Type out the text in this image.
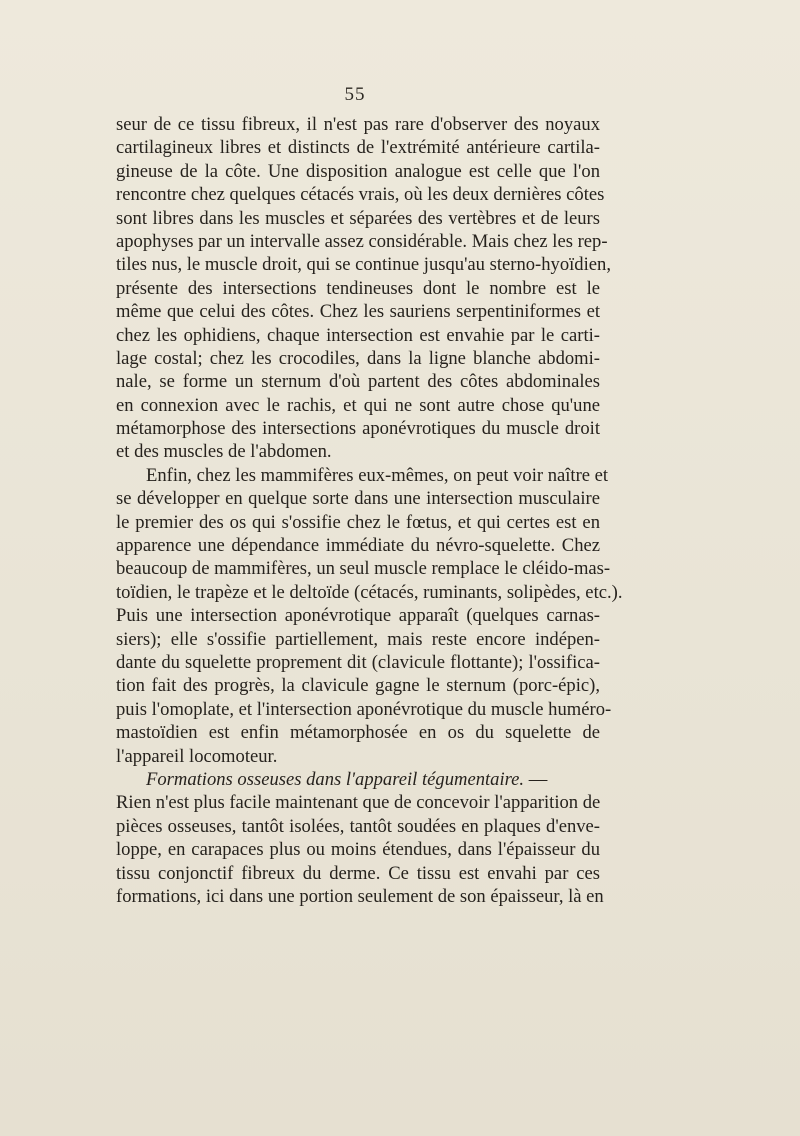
55
seur de ce tissu fibreux, il n'est pas rare d'observer des noyaux
cartilagineux libres et distincts de l'extrémité antérieure cartila-
gineuse de la côte. Une disposition analogue est celle que l'on
rencontre chez quelques cétacés vrais, où les deux dernières côtes
sont libres dans les muscles et séparées des vertèbres et de leurs
apophyses par un intervalle assez considérable. Mais chez les rep-
tiles nus, le muscle droit, qui se continue jusqu'au sterno-hyoïdien,
présente des intersections tendineuses dont le nombre est le
même que celui des côtes. Chez les sauriens serpentiniformes et
chez les ophidiens, chaque intersection est envahie par le carti-
lage costal; chez les crocodiles, dans la ligne blanche abdomi-
nale, se forme un sternum d'où partent des côtes abdominales
en connexion avec le rachis, et qui ne sont autre chose qu'une
métamorphose des intersections aponévrotiques du muscle droit
et des muscles de l'abdomen.
Enfin, chez les mammifères eux-mêmes, on peut voir naître et
se développer en quelque sorte dans une intersection musculaire
le premier des os qui s'ossifie chez le fœtus, et qui certes est en
apparence une dépendance immédiate du névro-squelette. Chez
beaucoup de mammifères, un seul muscle remplace le cléido-mas-
toïdien, le trapèze et le deltoïde (cétacés, ruminants, solipèdes, etc.).
Puis une intersection aponévrotique apparaît (quelques carnas-
siers); elle s'ossifie partiellement, mais reste encore indépen-
dante du squelette proprement dit (clavicule flottante); l'ossifica-
tion fait des progrès, la clavicule gagne le sternum (porc-épic),
puis l'omoplate, et l'intersection aponévrotique du muscle huméro-
mastoïdien est enfin métamorphosée en os du squelette de
l'appareil locomoteur.
Formations osseuses dans l'appareil tégumentaire. —
Rien n'est plus facile maintenant que de concevoir l'apparition de
pièces osseuses, tantôt isolées, tantôt soudées en plaques d'enve-
loppe, en carapaces plus ou moins étendues, dans l'épaisseur du
tissu conjonctif fibreux du derme. Ce tissu est envahi par ces
formations, ici dans une portion seulement de son épaisseur, là en
